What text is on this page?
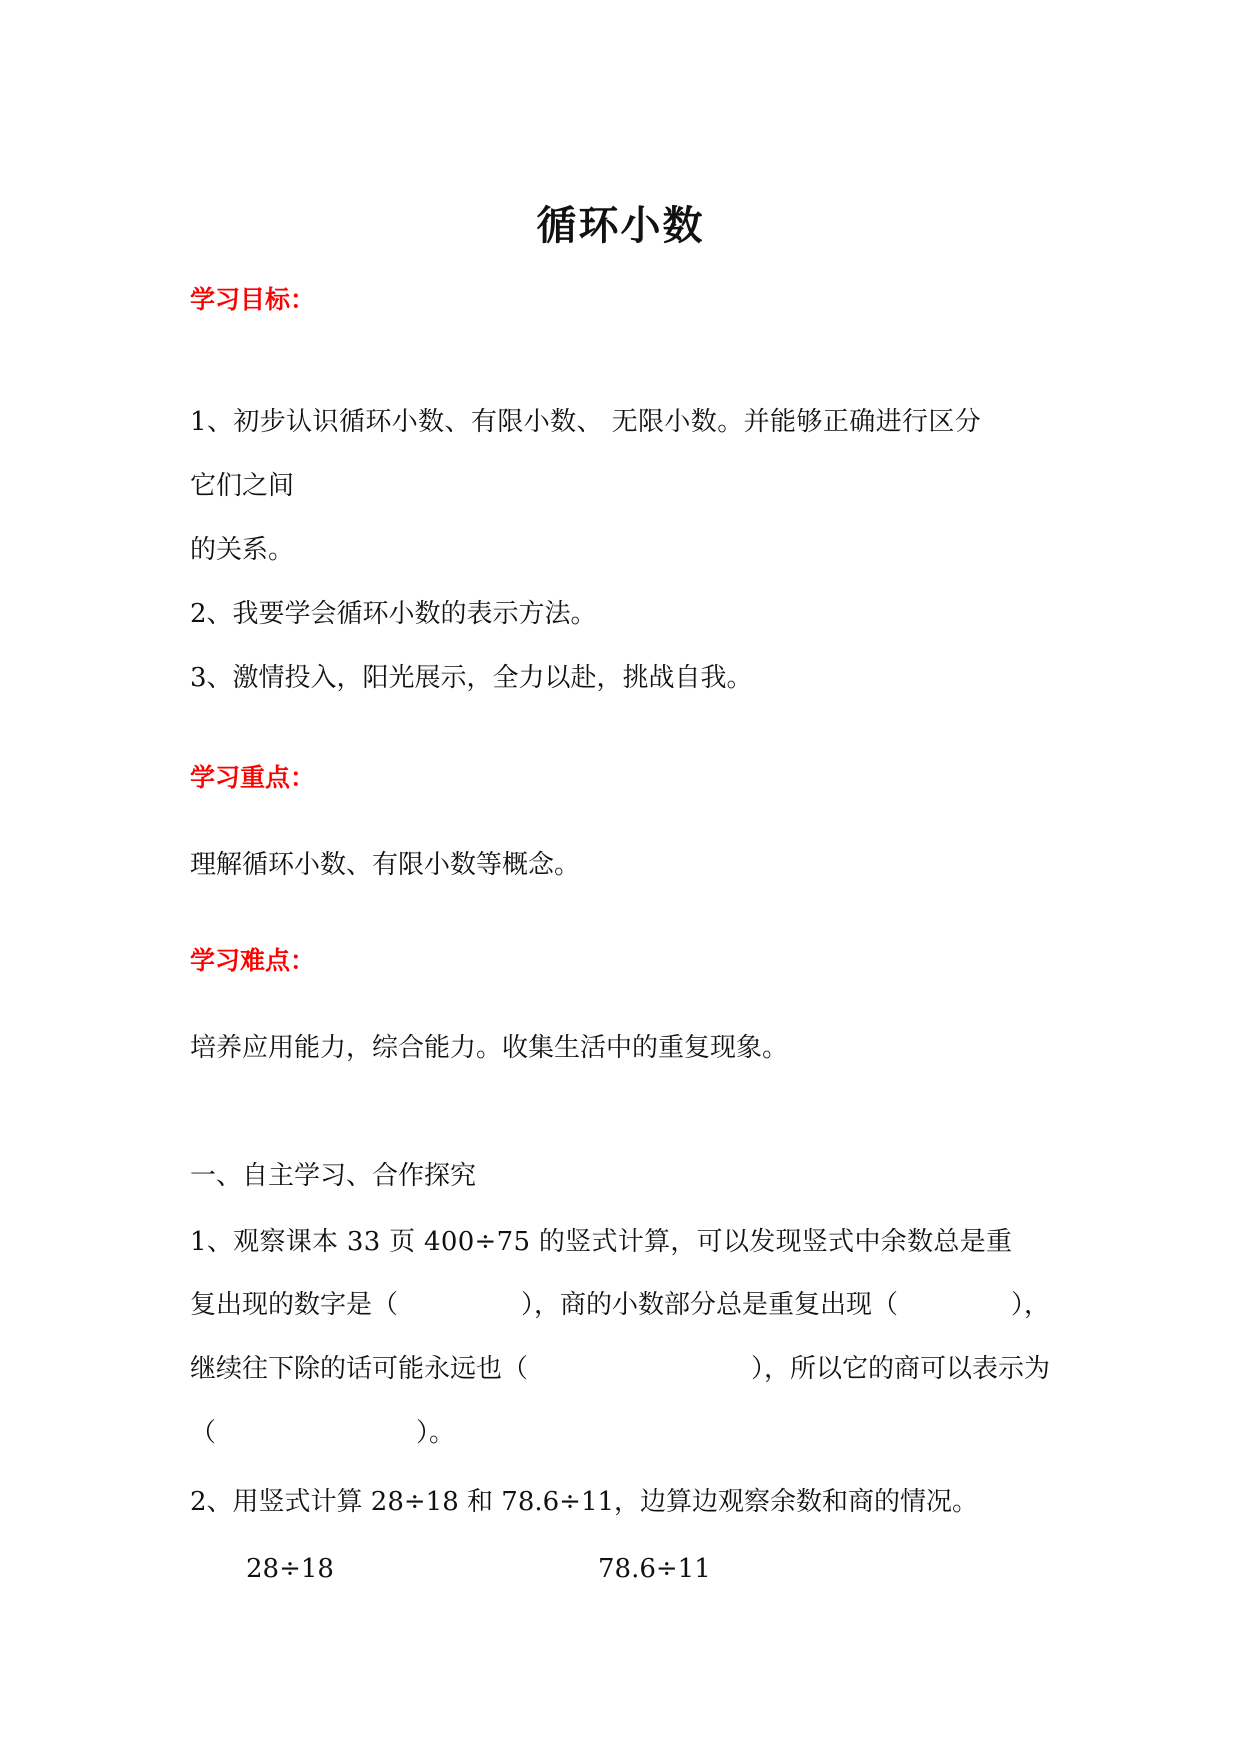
循环小数
学习目标：
1、初步认识循环小数、有限小数、 无限小数。并能够正确进行区分
它们之间
的关系。
2、我要学会循环小数的表示方法。
3、激情投入，阳光展示，全力以赴，挑战自我。
学习重点：
理解循环小数、有限小数等概念。
学习难点：
培养应用能力，综合能力。收集生活中的重复现象。
一、自主学习、合作探究
1、观察课本 33 页 400÷75 的竖式计算，可以发现竖式中余数总是重
复出现的数字是（	），商的小数部分总是重复出现（	），
继续往下除的话可能永远也（	），所以它的商可以表示为
（	）。
2、用竖式计算 28÷18 和 78.6÷11，边算边观察余数和商的情况。
28÷18	78.6÷11
